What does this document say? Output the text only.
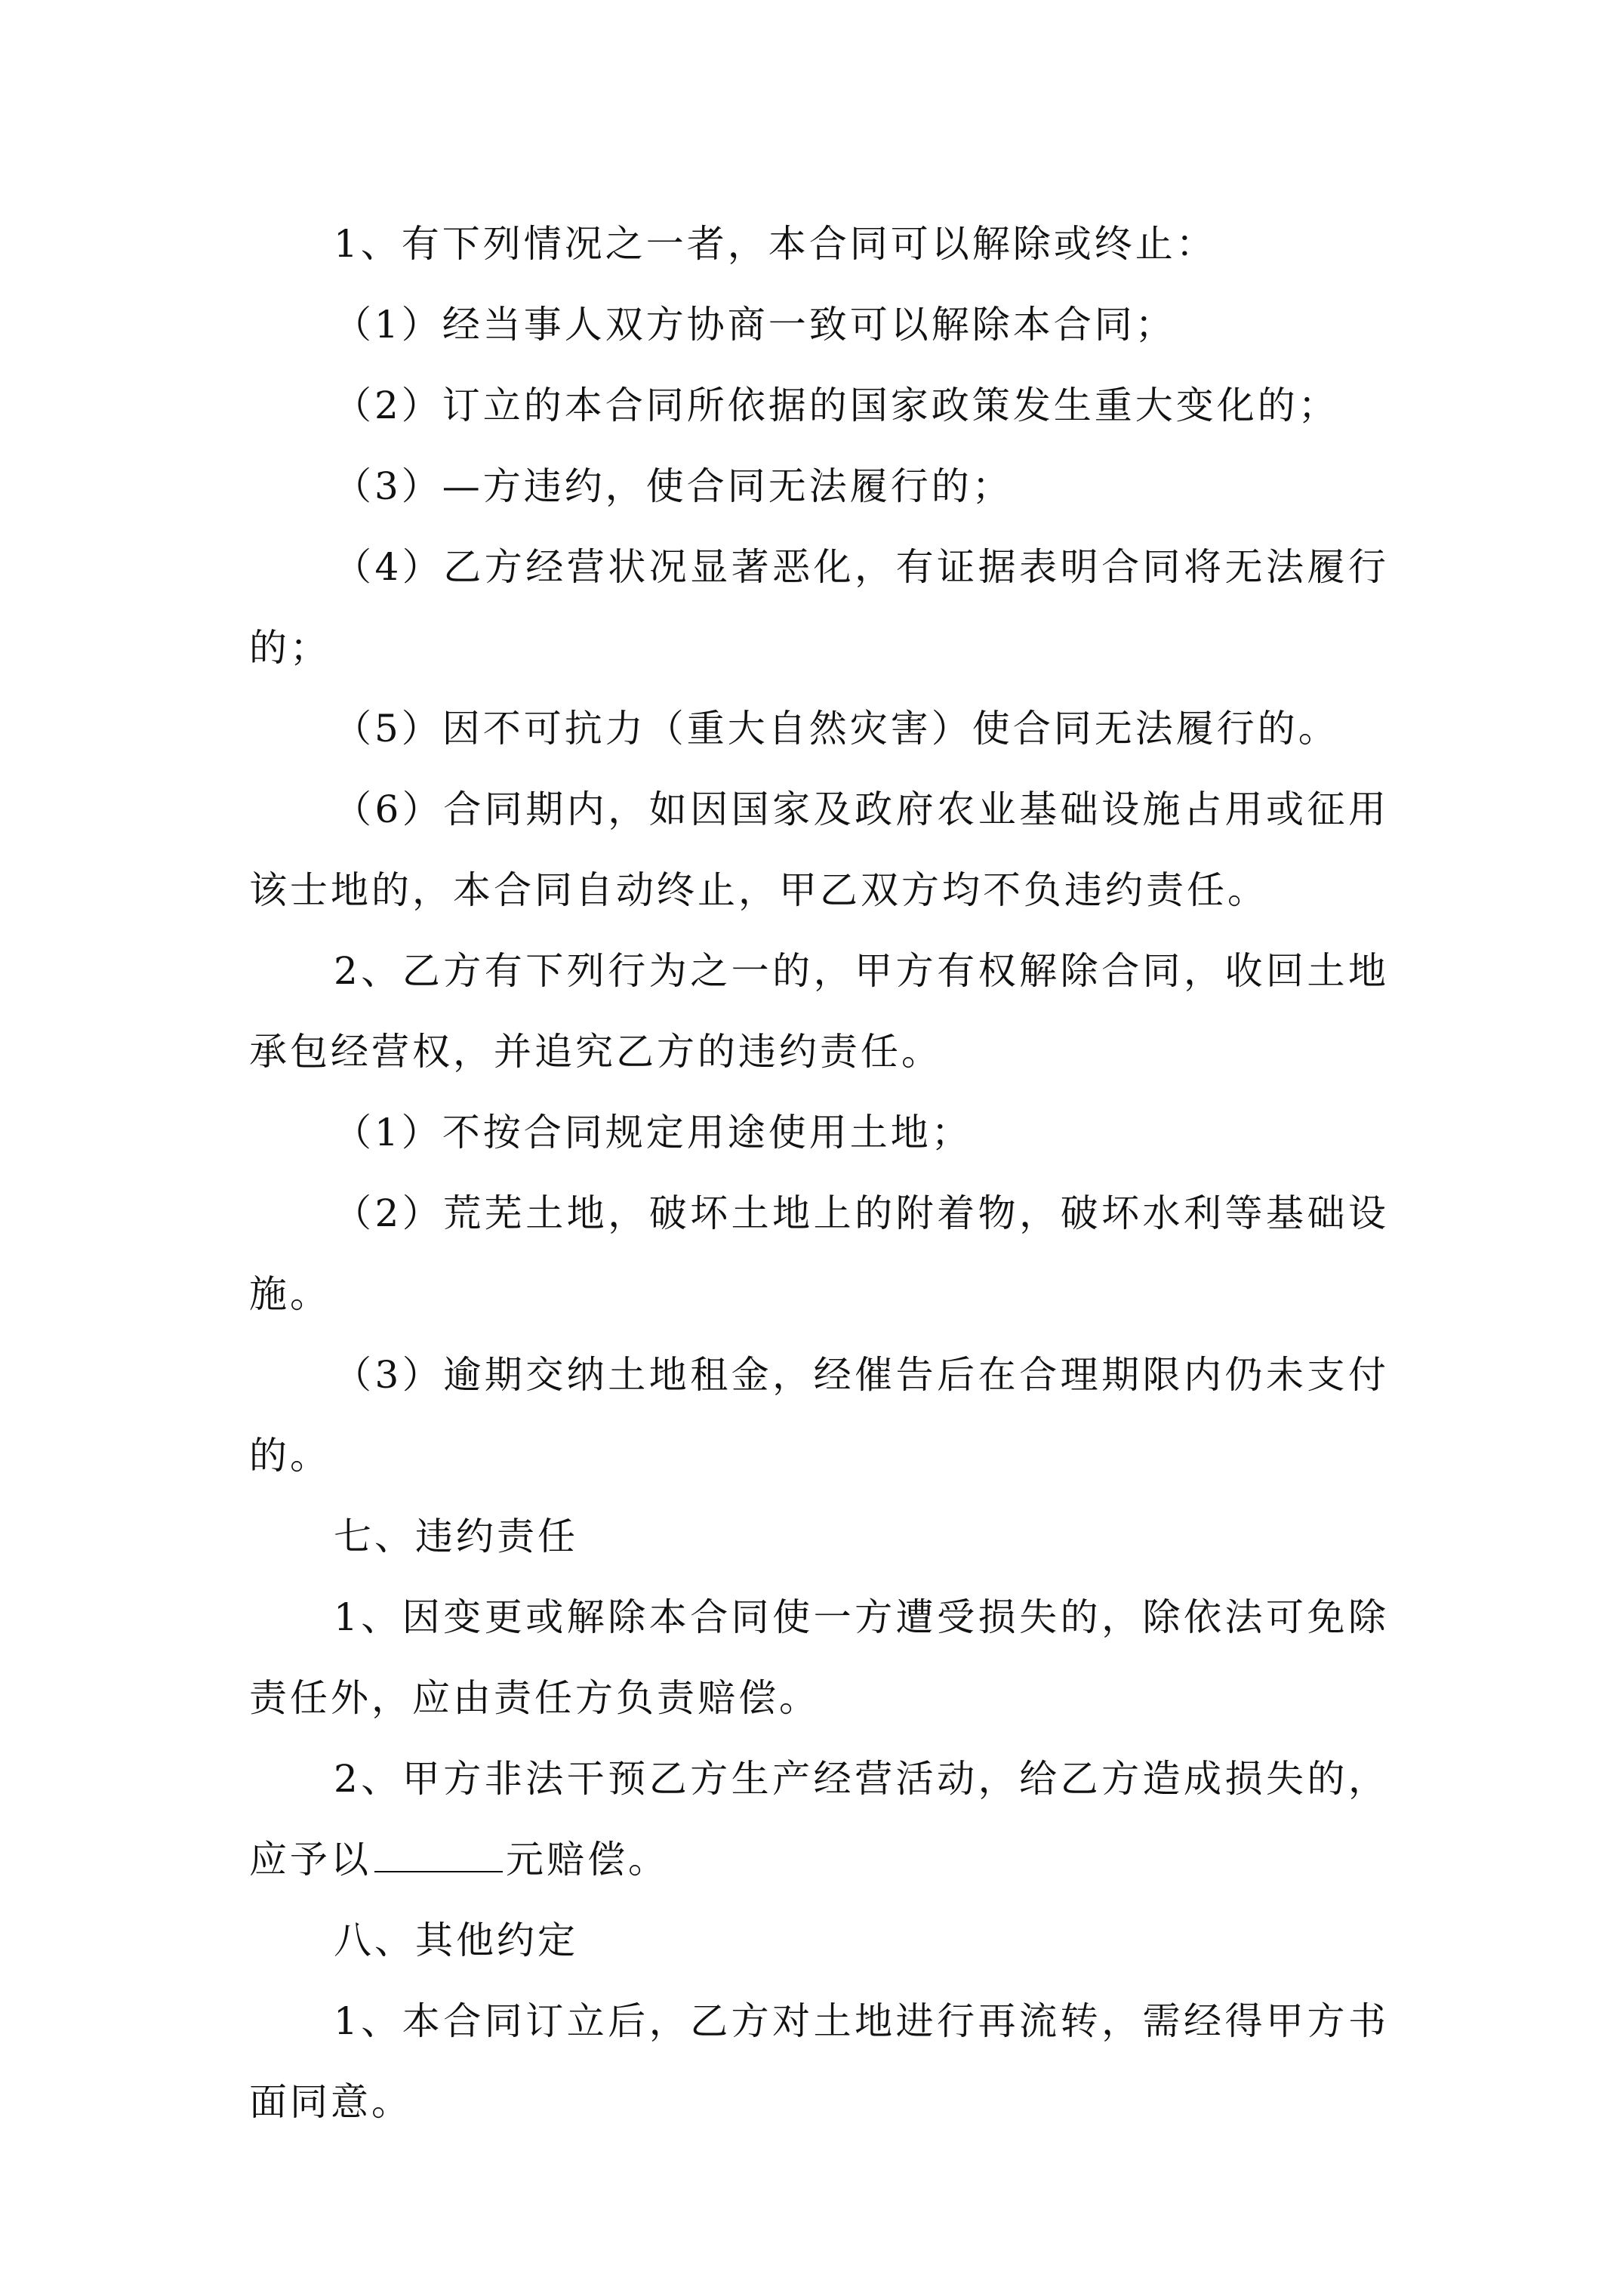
1、有下列情况之一者，本合同可以解除或终止：

（1）经当事人双方协商一致可以解除本合同；

（2）订立的本合同所依据的国家政策发生重大变化的；

（3）—方违约，使合同无法履行的；

（4）乙方经营状况显著恶化，有证据表明合同将无法履行的；

（5）因不可抗力（重大自然灾害）使合同无法履行的。

（6）合同期内，如因国家及政府农业基础设施占用或征用该士地的，本合同自动终止，甲乙双方均不负违约责任。

2、乙方有下列行为之一的，甲方有权解除合同，收回土地承包经营权，并追究乙方的违约责任。

（1）不按合同规定用途使用土地；

（2）荒芜土地，破坏土地上的附着物，破坏水利等基础设施。

（3）逾期交纳土地租金，经催告后在合理期限内仍未支付的。

七、违约责任

1、因变更或解除本合同使一方遭受损失的，除依法可免除责任外，应由责任方负责赔偿。

2、甲方非法干预乙方生产经营活动，给乙方造成损失的，应予以	元赔偿。

八、其他约定

1、本合同订立后，乙方对土地进行再流转，需经得甲方书面同意。
